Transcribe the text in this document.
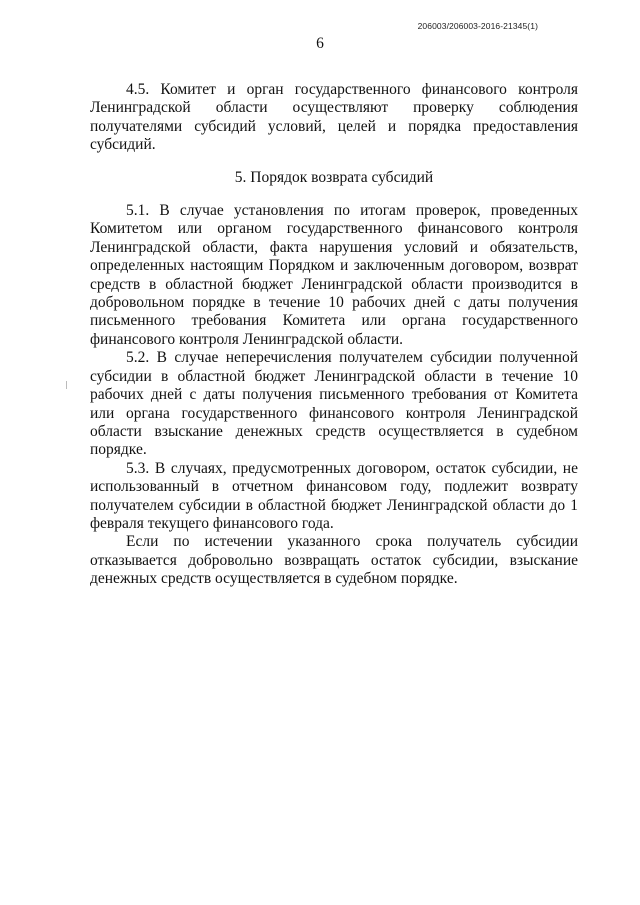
206003/206003-2016-21345(1)
6

4.5. Комитет и орган государственного финансового контроля Ленинградской области осуществляют проверку соблюдения получателями субсидий условий, целей и порядка предоставления субсидий.

5. Порядок возврата субсидий

5.1. В случае установления по итогам проверок, проведенных Комитетом или органом государственного финансового контроля Ленинградской области, факта нарушения условий и обязательств, определенных настоящим Порядком и заключенным договором, возврат средств в областной бюджет Ленинградской области производится в добровольном порядке в течение 10 рабочих дней с даты получения письменного требования Комитета или органа государственного финансового контроля Ленинградской области.

5.2. В случае неперечисления получателем субсидии полученной субсидии в областной бюджет Ленинградской области в течение 10 рабочих дней с даты получения письменного требования от Комитета или органа государственного финансового контроля Ленинградской области взыскание денежных средств осуществляется в судебном порядке.

5.3. В случаях, предусмотренных договором, остаток субсидии, не использованный в отчетном финансовом году, подлежит возврату получателем субсидии в областной бюджет Ленинградской области до 1 февраля текущего финансового года.

Если по истечении указанного срока получатель субсидии отказывается добровольно возвращать остаток субсидии, взыскание денежных средств осуществляется в судебном порядке.
